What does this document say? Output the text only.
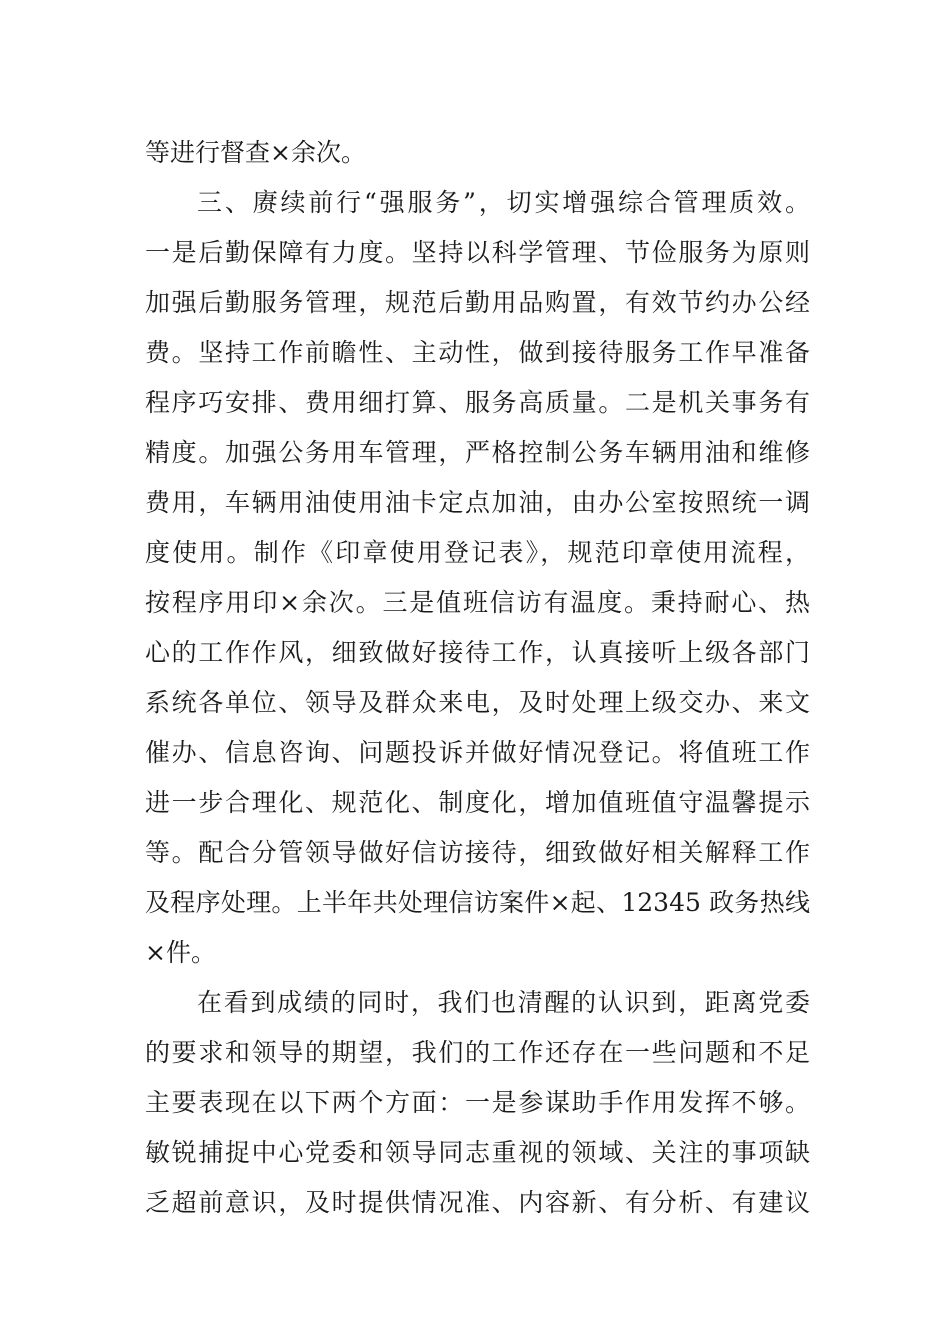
等进行督查×余次。
三、赓续前行“强服务”，切实增强综合管理质效。
一是后勤保障有力度。坚持以科学管理、节俭服务为原则
加强后勤服务管理，规范后勤用品购置，有效节约办公经
费。坚持工作前瞻性、主动性，做到接待服务工作早准备
程序巧安排、费用细打算、服务高质量。二是机关事务有
精度。加强公务用车管理，严格控制公务车辆用油和维修
费用，车辆用油使用油卡定点加油，由办公室按照统一调
度使用。制作《印章使用登记表》，规范印章使用流程，
按程序用印×余次。三是值班信访有温度。秉持耐心、热
心的工作作风，细致做好接待工作，认真接听上级各部门
系统各单位、领导及群众来电，及时处理上级交办、来文
催办、信息咨询、问题投诉并做好情况登记。将值班工作
进一步合理化、规范化、制度化，增加值班值守温馨提示
等。配合分管领导做好信访接待，细致做好相关解释工作
及程序处理。上半年共处理信访案件×起、12345 政务热线
×件。
在看到成绩的同时，我们也清醒的认识到，距离党委
的要求和领导的期望，我们的工作还存在一些问题和不足
主要表现在以下两个方面：一是参谋助手作用发挥不够。
敏锐捕捉中心党委和领导同志重视的领域、关注的事项缺
乏超前意识，及时提供情况准、内容新、有分析、有建议
